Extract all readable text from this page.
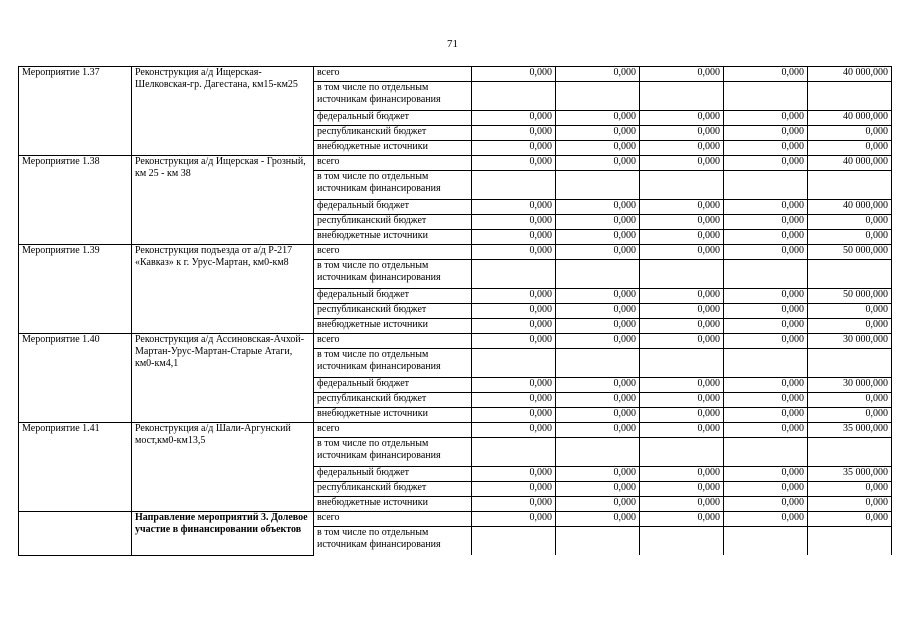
71
Мероприятие 1.37	Реконструкция а/д Ищерская-Шелковская-гр. Дагестана, км15-км25	всего	0,000	0,000	0,000	0,000	40 000,000
		в том числе по отдельным источникам финансирования					
		федеральный бюджет	0,000	0,000	0,000	0,000	40 000,000
		республиканский бюджет	0,000	0,000	0,000	0,000	0,000
		внебюджетные источники	0,000	0,000	0,000	0,000	0,000
Мероприятие 1.38	Реконструкция а/д Ищерская - Грозный, км 25 - км 38	всего	0,000	0,000	0,000	0,000	40 000,000
		в том числе по отдельным источникам финансирования					
		федеральный бюджет	0,000	0,000	0,000	0,000	40 000,000
		республиканский бюджет	0,000	0,000	0,000	0,000	0,000
		внебюджетные источники	0,000	0,000	0,000	0,000	0,000
Мероприятие 1.39	Реконструкция подъезда от а/д Р-217 «Кавказ» к г. Урус-Мартан, км0-км8	всего	0,000	0,000	0,000	0,000	50 000,000
		в том числе по отдельным источникам финансирования					
		федеральный бюджет	0,000	0,000	0,000	0,000	50 000,000
		республиканский бюджет	0,000	0,000	0,000	0,000	0,000
		внебюджетные источники	0,000	0,000	0,000	0,000	0,000
Мероприятие 1.40	Реконструкция а/д Ассиновская-Ачхой-Мартан-Урус-Мартан-Старые Атаги, км0-км4,1	всего	0,000	0,000	0,000	0,000	30 000,000
		в том числе по отдельным источникам финансирования					
		федеральный бюджет	0,000	0,000	0,000	0,000	30 000,000
		республиканский бюджет	0,000	0,000	0,000	0,000	0,000
		внебюджетные источники	0,000	0,000	0,000	0,000	0,000
Мероприятие 1.41	Реконструкция а/д Шали-Аргунский мост,км0-км13,5	всего	0,000	0,000	0,000	0,000	35 000,000
		в том числе по отдельным источникам финансирования					
		федеральный бюджет	0,000	0,000	0,000	0,000	35 000,000
		республиканский бюджет	0,000	0,000	0,000	0,000	0,000
		внебюджетные источники	0,000	0,000	0,000	0,000	0,000
	Направление мероприятий 3. Долевое участие в финансировании объектов	всего	0,000	0,000	0,000	0,000	0,000
		в том числе по отдельным источникам финансирования					
